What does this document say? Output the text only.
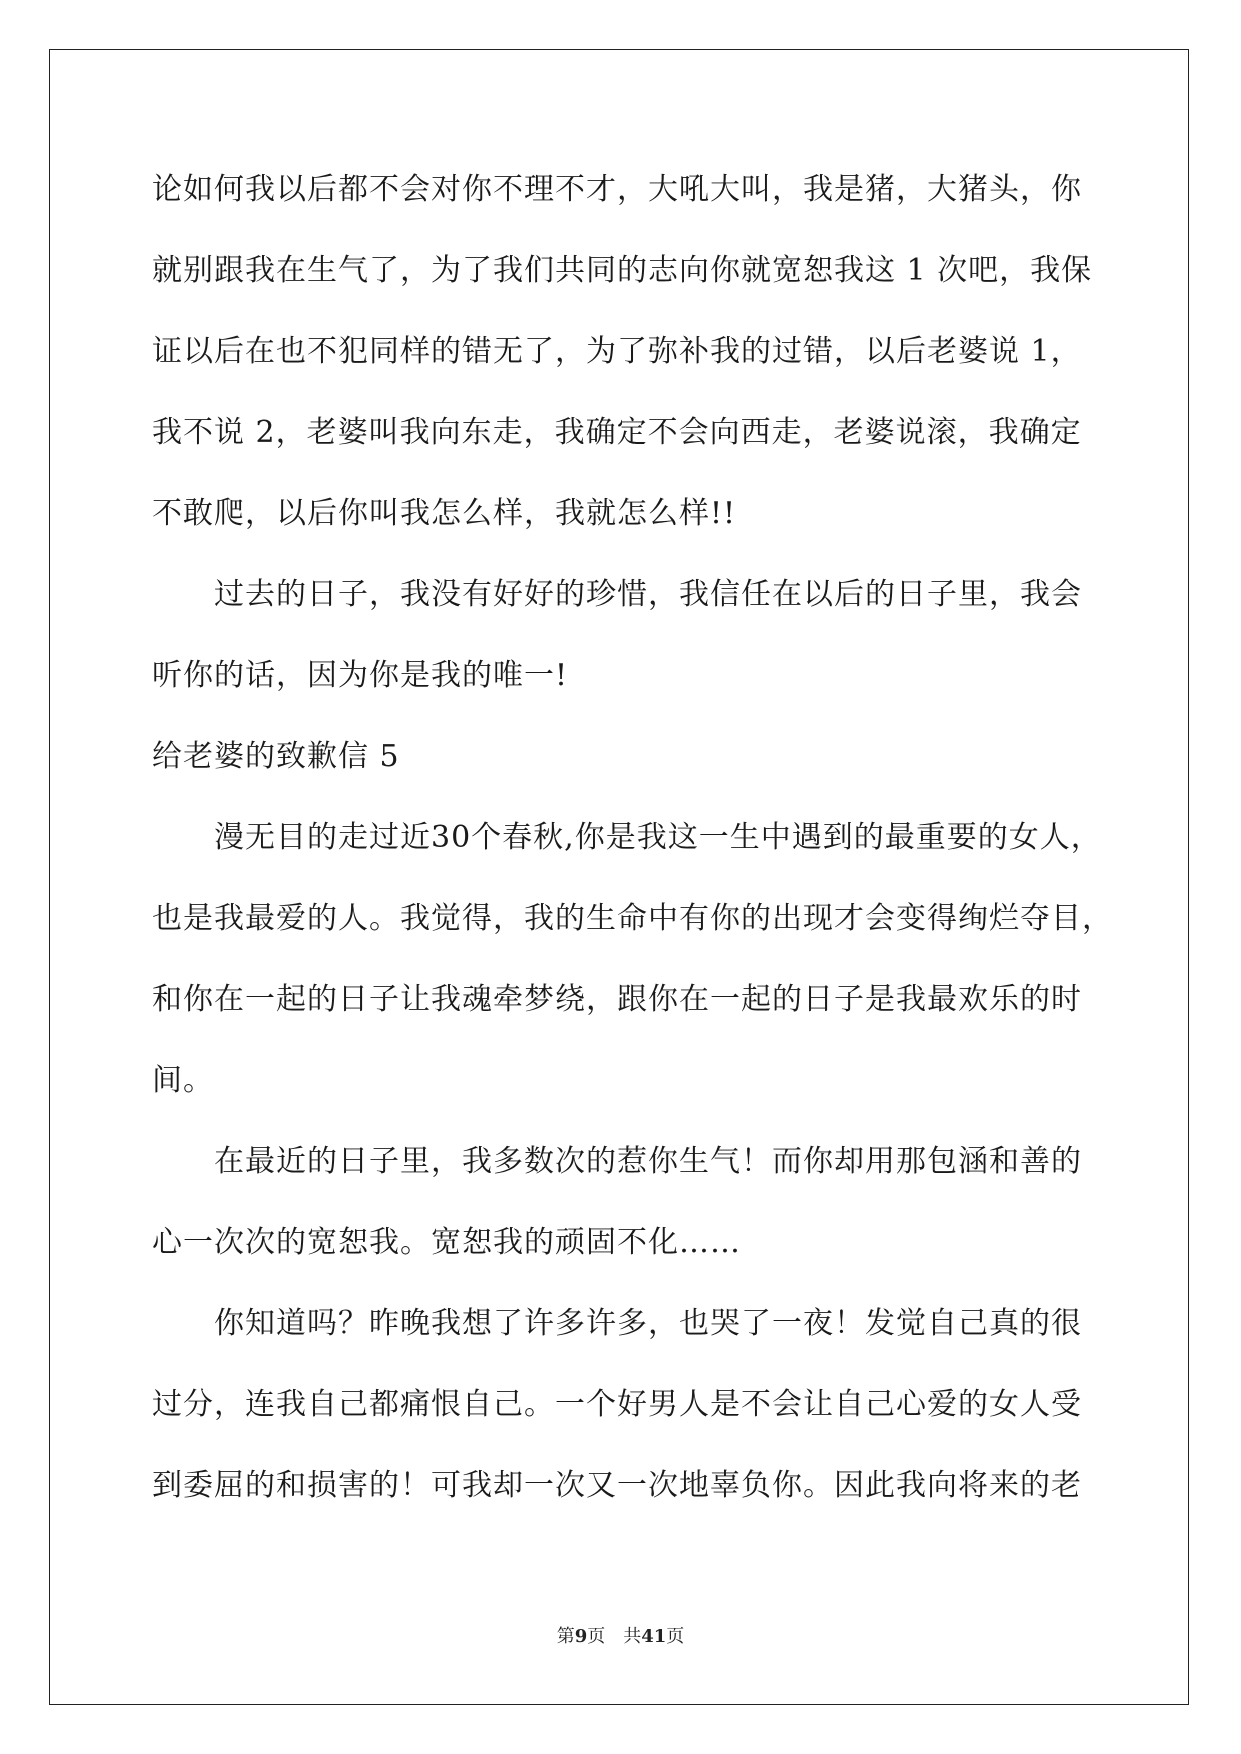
论如何我以后都不会对你不理不才，大吼大叫，我是猪，大猪头，你
就别跟我在生气了，为了我们共同的志向你就宽恕我这 1 次吧，我保
证以后在也不犯同样的错无了，为了弥补我的过错，以后老婆说 1，
我不说 2，老婆叫我向东走，我确定不会向西走，老婆说滚，我确定
不敢爬，以后你叫我怎么样，我就怎么样!!
过去的日子，我没有好好的珍惜，我信任在以后的日子里，我会
听你的话，因为你是我的唯一!
给老婆的致歉信 5
漫无目的走过近30个春秋,你是我这一生中遇到的最重要的女人，
也是我最爱的人。我觉得，我的生命中有你的出现才会变得绚烂夺目，
和你在一起的日子让我魂牵梦绕，跟你在一起的日子是我最欢乐的时
间。
在最近的日子里，我多数次的惹你生气！而你却用那包涵和善的
心一次次的宽恕我。宽恕我的顽固不化……
你知道吗？昨晚我想了许多许多，也哭了一夜！发觉自己真的很
过分，连我自己都痛恨自己。一个好男人是不会让自己心爱的女人受
到委屈的和损害的！可我却一次又一次地辜负你。因此我向将来的老
第9页　共41页
